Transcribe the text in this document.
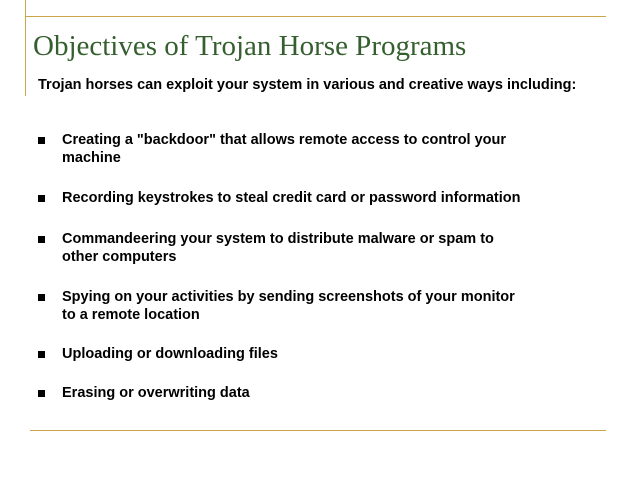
Objectives of Trojan Horse Programs

Trojan horses can exploit your system in various and creative ways including:

Creating a "backdoor" that allows remote access to control your
machine
Recording keystrokes to steal credit card or password information
Commandeering your system to distribute malware or spam to
other computers
Spying on your activities by sending screenshots of your monitor
to a remote location
Uploading or downloading files
Erasing or overwriting data
